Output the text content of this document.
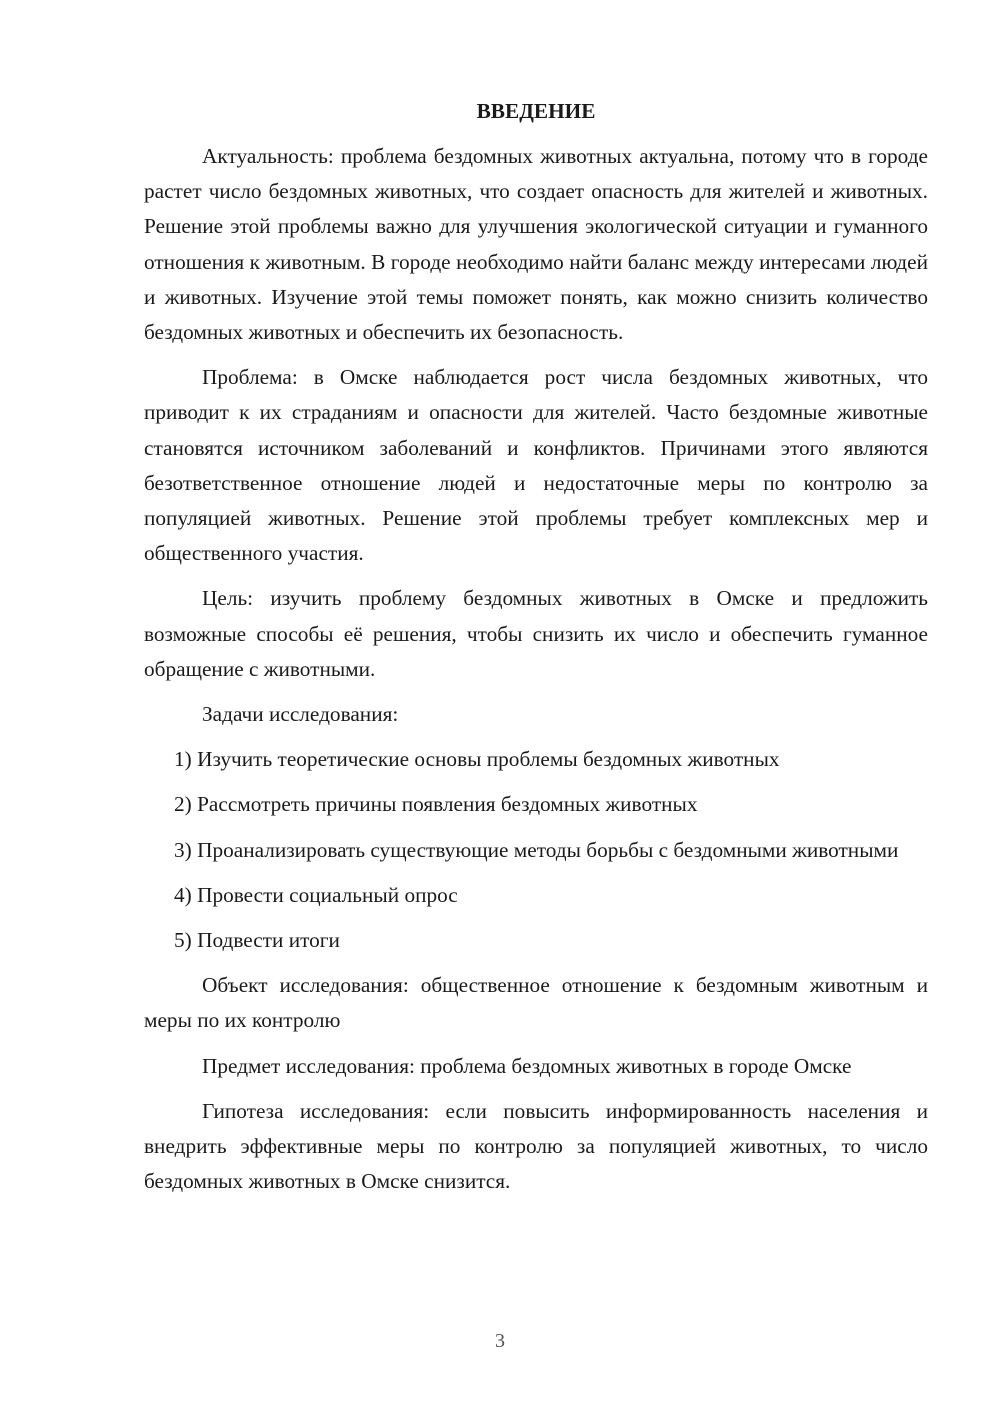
ВВЕДЕНИЕ

Актуальность: проблема бездомных животных актуальна, потому что в городе растет число бездомных животных, что создает опасность для жителей и животных. Решение этой проблемы важно для улучшения экологической ситуации и гуманного отношения к животным. В городе необходимо найти баланс между интересами людей и животных. Изучение этой темы поможет понять, как можно снизить количество бездомных животных и обеспечить их безопасность.

Проблема: в Омске наблюдается рост числа бездомных животных, что приводит к их страданиям и опасности для жителей. Часто бездомные животные становятся источником заболеваний и конфликтов. Причинами этого являются безответственное отношение людей и недостаточные меры по контролю за популяцией животных. Решение этой проблемы требует комплексных мер и общественного участия.

Цель: изучить проблему бездомных животных в Омске и предложить возможные способы её решения, чтобы снизить их число и обеспечить гуманное обращение с животными.

Задачи исследования:

1) Изучить теоретические основы проблемы бездомных животных

2) Рассмотреть причины появления бездомных животных

3) Проанализировать существующие методы борьбы с бездомными животными

4) Провести социальный опрос

5) Подвести итоги

Объект исследования: общественное отношение к бездомным животным и меры по их контролю

Предмет исследования: проблема бездомных животных в городе Омске

Гипотеза исследования: если повысить информированность населения и внедрить эффективные меры по контролю за популяцией животных, то число бездомных животных в Омске снизится.

3
